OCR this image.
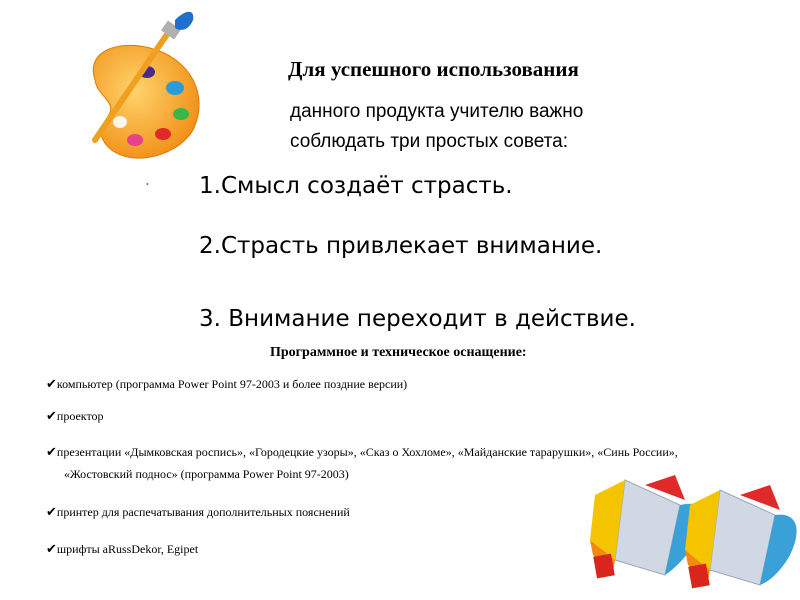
•
Для успешного использования
данного продукта учителю важно
соблюдать три простых совета:
1.Смысл создаёт страсть.
2.Страсть привлекает внимание.
3. Внимание переходит в действие.
Программное и техническое оснащение:
✔компьютер (программа Power Point 97-2003 и более поздние версии)
✔проектор
✔презентации «Дымковская роспись», «Городецкие узоры», «Сказ о Хохломе», «Майданские тарарушки», «Синь России»,
«Жостовский поднос» (программа Power Point 97-2003)
✔принтер для распечатывания дополнительных пояснений
✔шрифты aRussDekor, Egipet
